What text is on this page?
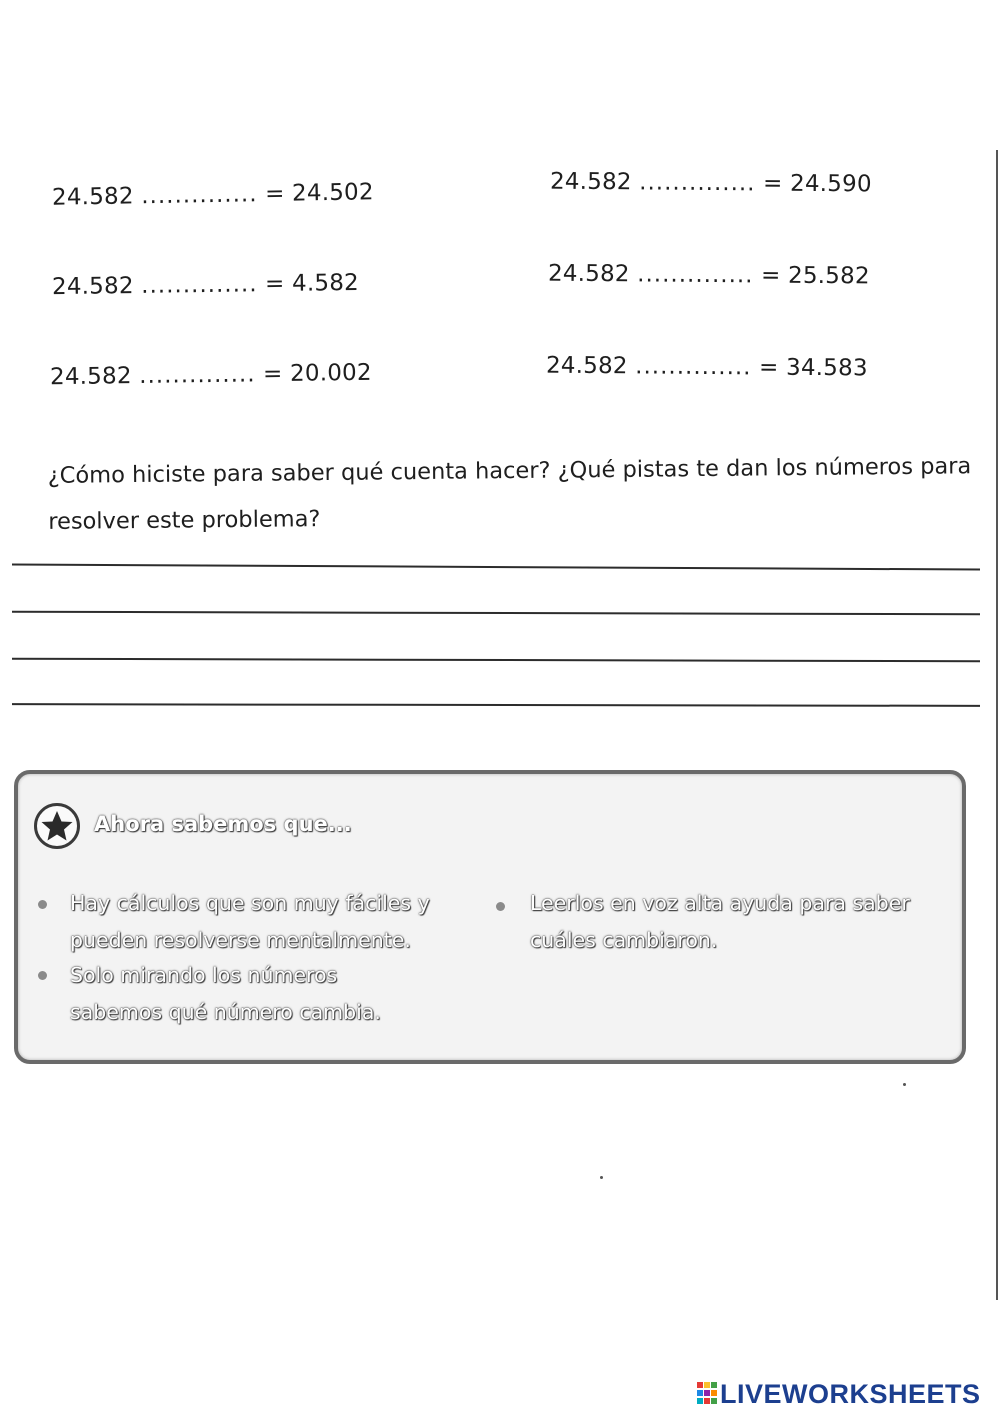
24.582 .............. = 24.502
24.582 .............. = 4.582
24.582 .............. = 20.002
24.582 .............. = 24.590
24.582 .............. = 25.582
24.582 .............. = 34.583
¿Cómo hiciste para saber qué cuenta hacer? ¿Qué pistas te dan los números para resolver este problema?
Ahora sabemos que...
Hay cálculos que son muy fáciles y pueden resolverse mentalmente.
Solo mirando los números sabemos qué número cambia.
Leerlos en voz alta ayuda para saber cuáles cambiaron.
LIVEWORKSHEETS
